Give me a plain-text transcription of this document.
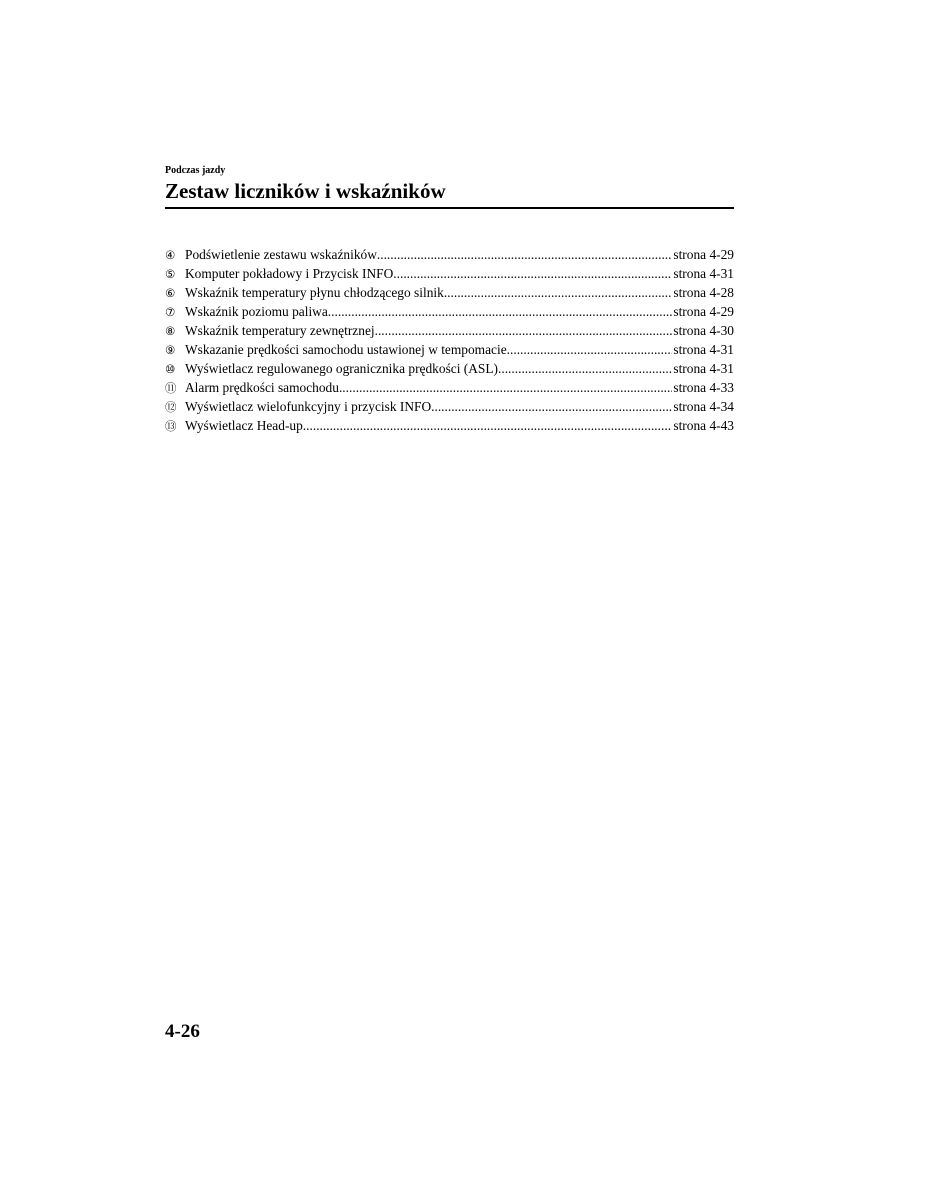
Podczas jazdy
Zestaw liczników i wskaźników
④ Podświetlenie zestawu wskaźników .....	strona 4-29
⑤ Komputer pokładowy i Przycisk INFO .....	strona 4-31
⑥ Wskaźnik temperatury płynu chłodzącego silnik .....	strona 4-28
⑦ Wskaźnik poziomu paliwa .....	strona 4-29
⑧ Wskaźnik temperatury zewnętrznej .....	strona 4-30
⑨ Wskazanie prędkości samochodu ustawionej w tempomacie .....	strona 4-31
⑩ Wyświetlacz regulowanego ogranicznika prędkości (ASL) .....	strona 4-31
⑪ Alarm prędkości samochodu .....	strona 4-33
⑫ Wyświetlacz wielofunkcyjny i przycisk INFO .....	strona 4-34
⑬ Wyświetlacz Head-up .....	strona 4-43
4-26
